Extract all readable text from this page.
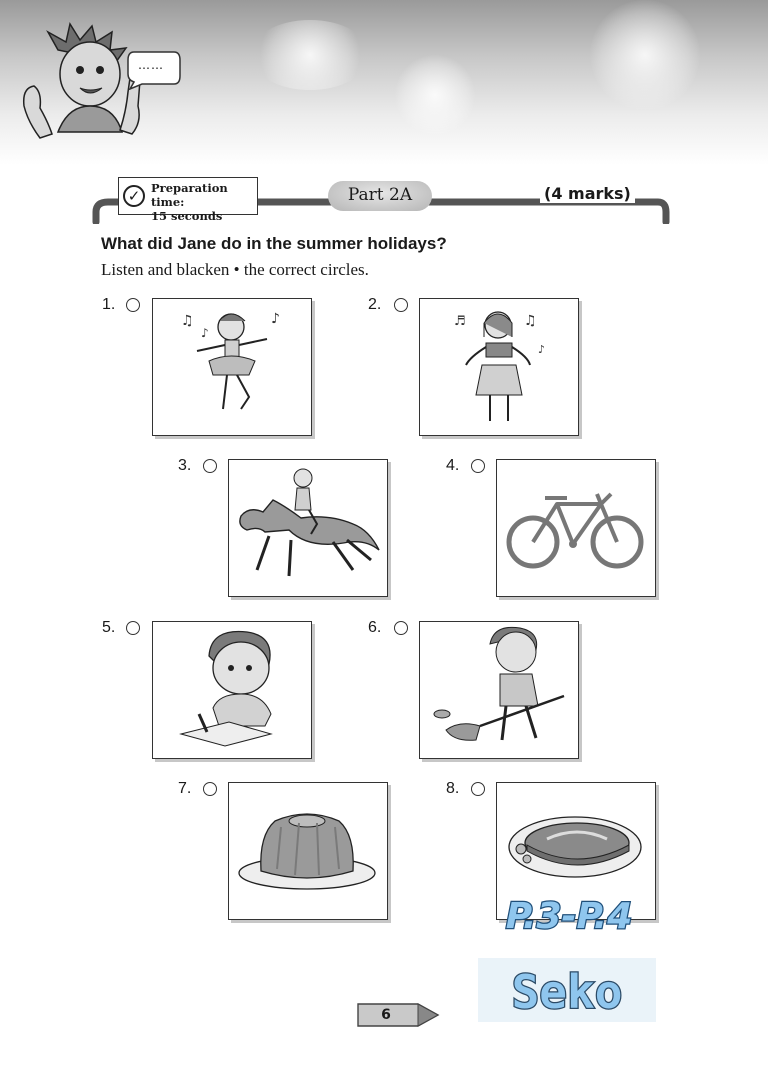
……
✓ Preparation time:
15 seconds
Part 2A	(4 marks)
What did Jane do in the summer holidays?
Listen and blacken • the correct circles.
1.
♫
♪
♪
2.
♬	♫
♪
3.	4.
5.	6.
7.	8.
P.3-P.4
Seko
6
